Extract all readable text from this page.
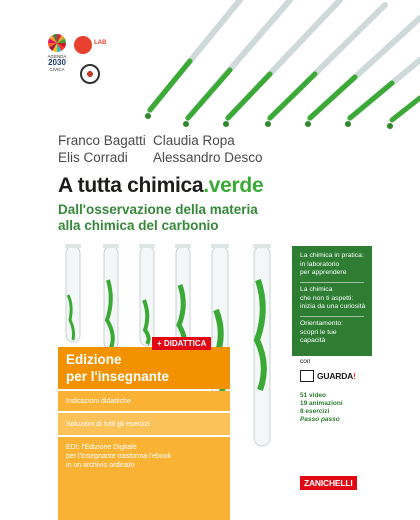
AGENDA
2030
CIVICA
LAB
Franco Bagatti Claudia Ropa
Elis Corradi Alessandro Desco
A tutta chimica.verde
Dall'osservazione della materia
alla chimica del carbonio
La chimica in pratica:
in laboratorio
per apprendere
La chimica
che non ti aspetti:
inizia da una curiosità
Orientamento:
scopri le tue
capacità
con
GUARDA!
51 video
19 animazioni
8 esercizi
Passo passo
ZANICHELLI
Edizione
per l'insegnante
+ DIDATTICA
Indicazioni didattiche
Soluzioni di tutti gli esercizi
EDI: l'Edizione Digitale
per l'Insegnante trasforma l'ebook
in un archivio ordinato
